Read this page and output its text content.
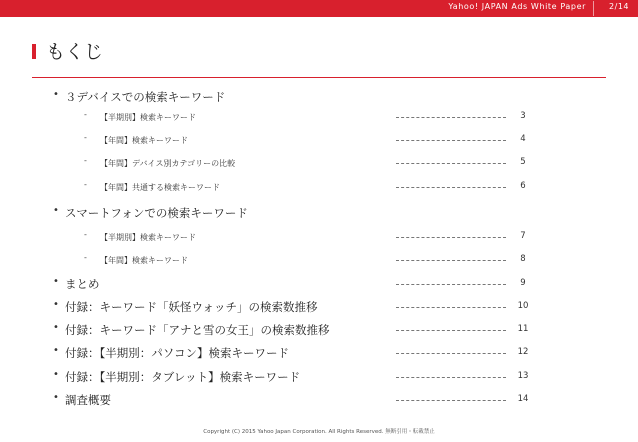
Yahoo! JAPAN Ads White Paper	2/14
もくじ
• ３デバイスでの検索キーワード
- 【半期別】検索キーワード	3
- 【年間】検索キーワード	4
- 【年間】デバイス別カテゴリーの比較	5
- 【年間】共通する検索キーワード	6
• スマートフォンでの検索キーワード
- 【半期別】検索キーワード	7
- 【年間】検索キーワード	8
• まとめ	9
• 付録：キーワード「妖怪ウォッチ」の検索数推移	10
• 付録：キーワード「アナと雪の女王」の検索数推移	11
• 付録：【半期別：パソコン】検索キーワード	12
• 付録：【半期別：タブレット】検索キーワード	13
• 調査概要	14
Copyright (C) 2015 Yahoo Japan Corporation. All Rights Reserved. 無断引用・転載禁止
